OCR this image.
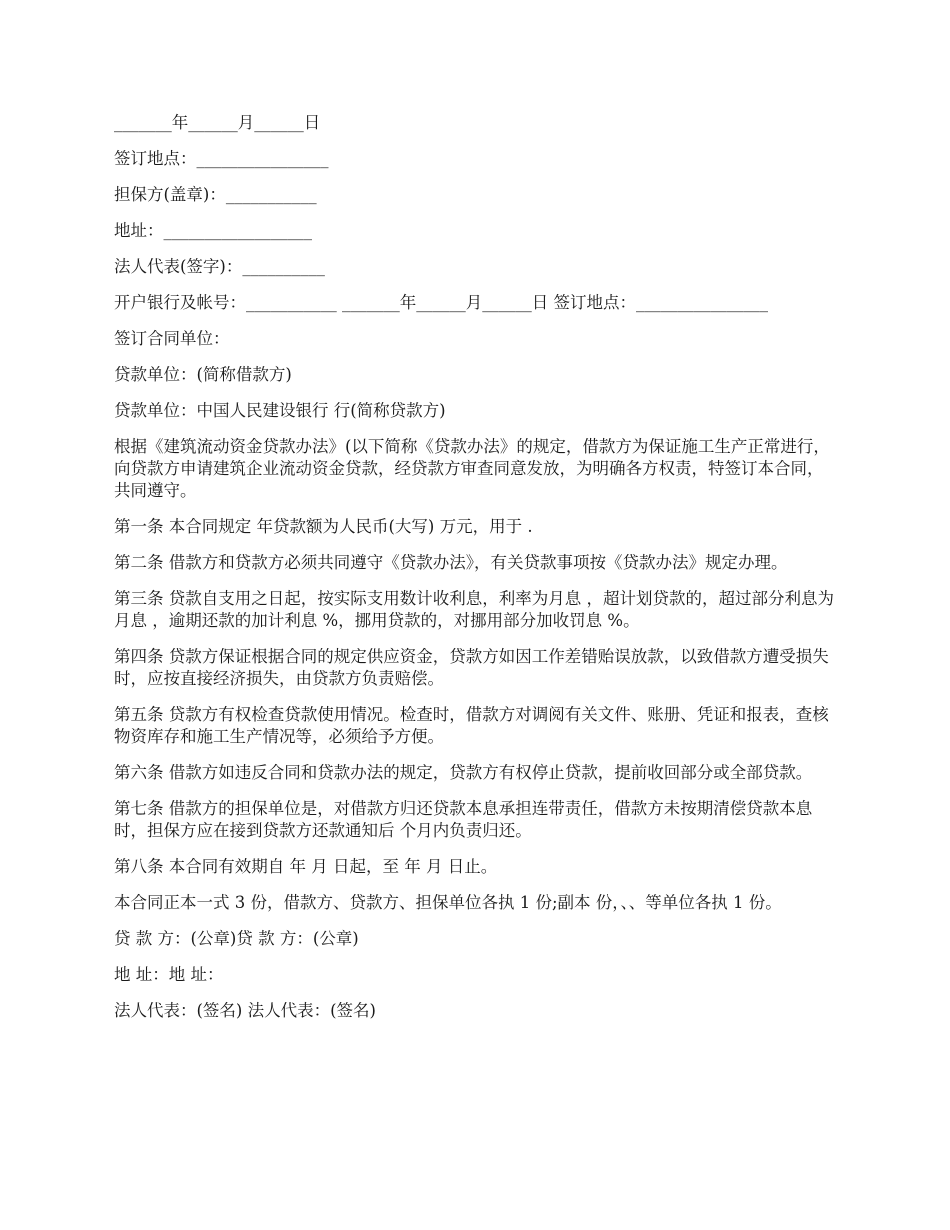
_______年______月______日

签订地点：________________

担保方(盖章)：___________

地址：__________________

法人代表(签字)：__________

开户银行及帐号：___________ _______年______月______日 签订地点：________________

签订合同单位：

贷款单位：(简称借款方)

贷款单位：中国人民建设银行 行(简称贷款方)

根据《建筑流动资金贷款办法》(以下简称《贷款办法》的规定，借款方为保证施工生产正常进行，向贷款方申请建筑企业流动资金贷款，经贷款方审查同意发放，为明确各方权责，特签订本合同，共同遵守。

第一条 本合同规定 年贷款额为人民币(大写) 万元，用于 .

第二条 借款方和贷款方必须共同遵守《贷款办法》，有关贷款事项按《贷款办法》规定办理。

第三条 贷款自支用之日起，按实际支用数计收利息，利率为月息 ，超计划贷款的，超过部分利息为月息 ，逾期还款的加计利息 %，挪用贷款的，对挪用部分加收罚息 %。

第四条 贷款方保证根据合同的规定供应资金，贷款方如因工作差错贻误放款，以致借款方遭受损失时，应按直接经济损失，由贷款方负责赔偿。

第五条 贷款方有权检查贷款使用情况。检查时，借款方对调阅有关文件、账册、凭证和报表，查核物资库存和施工生产情况等，必须给予方便。

第六条 借款方如违反合同和贷款办法的规定，贷款方有权停止贷款，提前收回部分或全部贷款。

第七条 借款方的担保单位是，对借款方归还贷款本息承担连带责任，借款方未按期清偿贷款本息时，担保方应在接到贷款方还款通知后 个月内负责归还。

第八条 本合同有效期自 年 月 日起，至 年 月 日止。

本合同正本一式 3 份，借款方、贷款方、担保单位各执 1 份;副本 份，、、等单位各执 1 份。

贷 款 方：(公章)贷 款 方：(公章)

地 址：地 址：

法人代表：(签名) 法人代表：(签名)
